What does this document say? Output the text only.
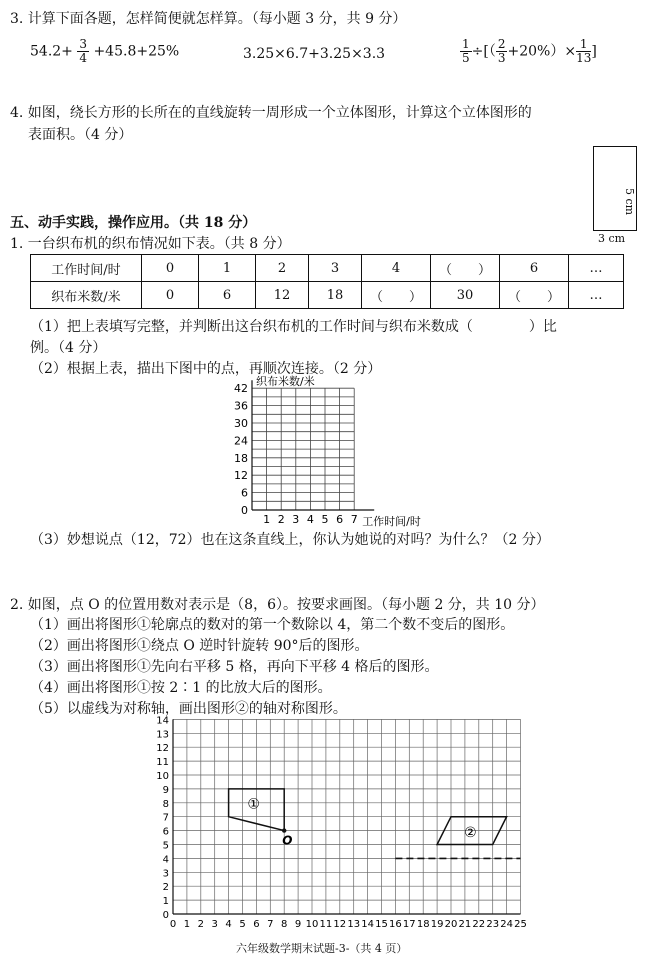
3. 计算下面各题，怎样简便就怎样算。（每小题 3 分，共 9 分）
$54.2+ \frac{3}{4} +45.8+25\%$	3.25×6.7+3.25×3.3	$\frac{1}{5}$ ÷[（ $\frac{2}{3} +20\%)\times \frac{1}{13}$ ]
4. 如图，绕长方形的长所在的直线旋转一周形成一个立体图形，计算这个立体图形的
表面积。（4 分）
5 cm
3 cm
五、动手实践，操作应用。（共 18 分）
1. 一台织布机的织布情况如下表。（共 8 分）
工作时间/时	0	1	2	3	4	（　　）	6	…
织布米数/米	0	6	12	18	（　　）	30	（　　）	…
（1）把上表填写完整，并判断出这台织布机的工作时间与织布米数成（　　　　）比
例。（4 分）
（2）根据上表，描出下图中的点，再顺次连接。（2 分）
42
36
30
24
18
12
6
0
1 2 3 4 5 6 7
织布米数/米
工作时间/时
（3）妙想说点（12，72）也在这条直线上，你认为她说的对吗？为什么？（2 分）
2. 如图，点 O 的位置用数对表示是（8，6）。按要求画图。（每小题 2 分，共 10 分）
（1）画出将图形①轮廓点的数对的第一个数除以 4，第二个数不变后的图形。
（2）画出将图形①绕点 O 逆时针旋转 90°后的图形。
（3）画出将图形①先向右平移 5 格，再向下平移 4 格后的图形。
（4）画出将图形①按 2∶1 的比放大后的图形。
（5）以虚线为对称轴，画出图形②的轴对称图形。
0 1 2 3 4 5 6 7 8 9 10 11 12 13 14 15 16 17 18 19 20 21 22 23 24 25
0
1
2
3
4
5
6
7
8
9
10
11
12
13
14
O
①
②
六年级数学期末试题-3-（共 4 页）
